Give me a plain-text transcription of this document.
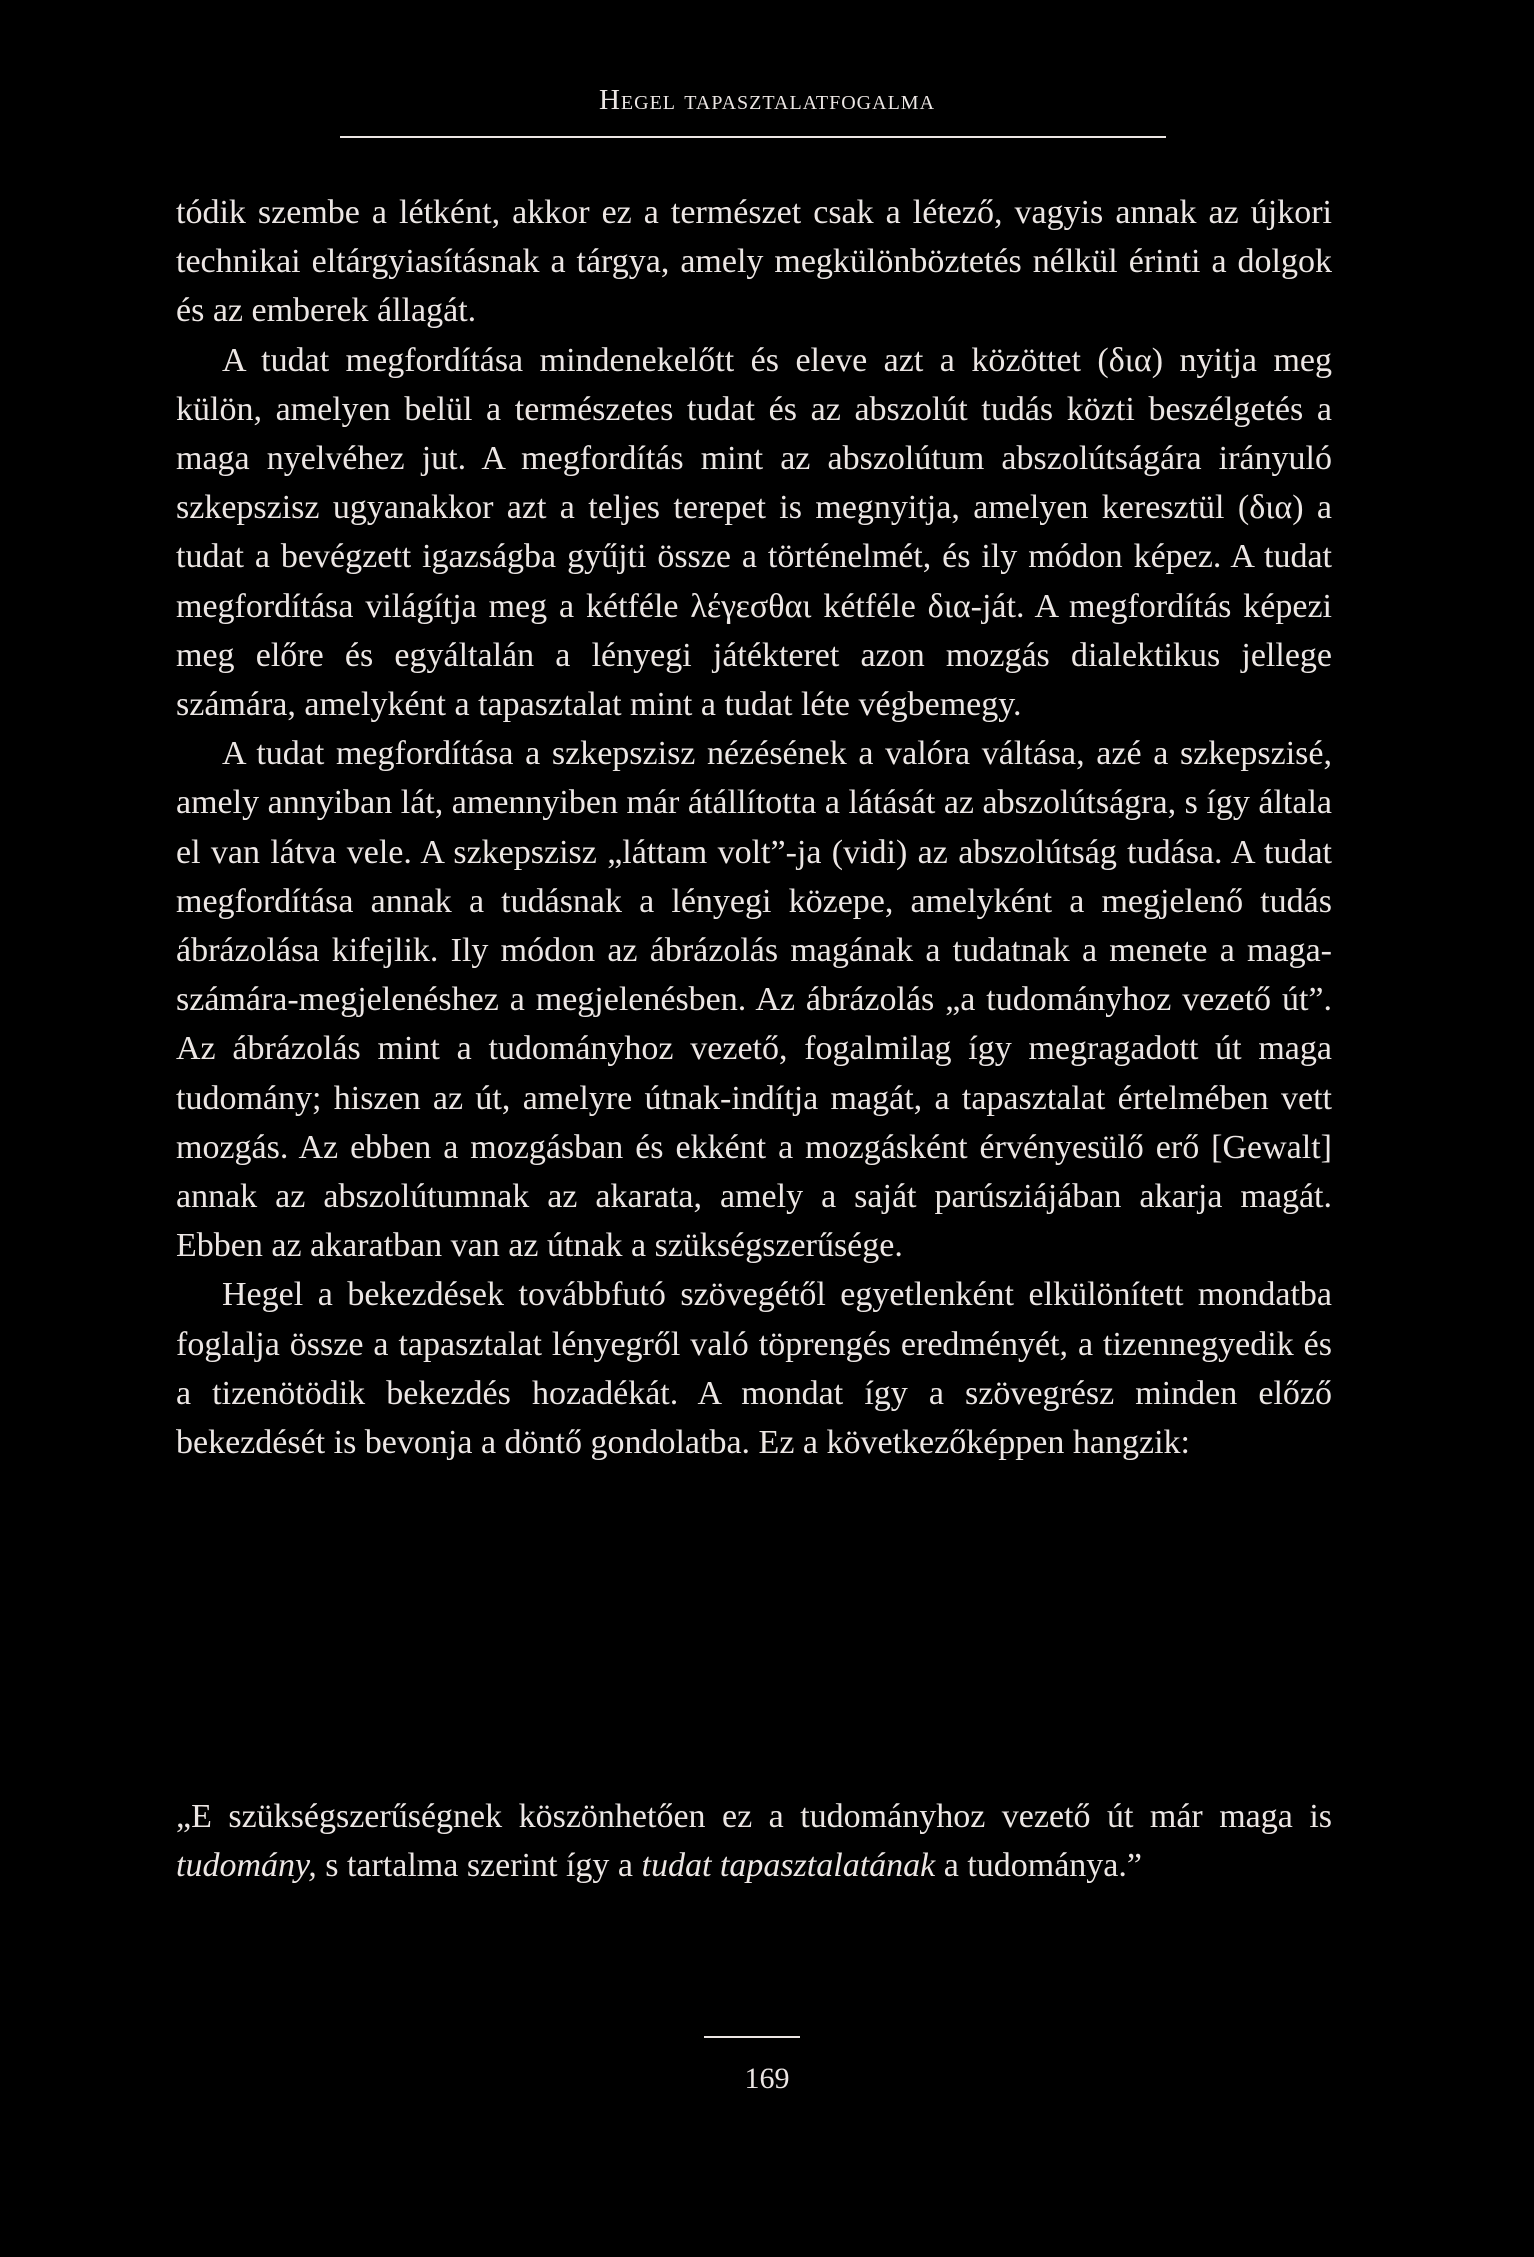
Hegel tapasztalatfogalma

tódik szembe a létként, akkor ez a természet csak a létező, vagyis annak az újkori technikai eltárgyiasításnak a tárgya, amely megkülönböztetés nélkül érinti a dolgok és az emberek állagát.

A tudat megfordítása mindenekelőtt és eleve azt a közöttet (δια) nyitja meg külön, amelyen belül a természetes tudat és az abszolút tudás közti beszélgetés a maga nyelvéhez jut. A megfordítás mint az abszolútum abszolútságára irányuló szkepszisz ugyanakkor azt a teljes terepet is megnyitja, amelyen keresztül (δια) a tudat a bevégzett igazságba gyűjti össze a történelmét, és ily módon képez. A tudat megfordítása világítja meg a kétféle λέγεσθαι kétféle δια-ját. A megfordítás képezi meg előre és egyáltalán a lényegi játékteret azon mozgás dialektikus jellege számára, amelyként a tapasztalat mint a tudat léte végbemegy.

A tudat megfordítása a szkepszisz nézésének a valóra váltása, azé a szkepszisé, amely annyiban lát, amennyiben már átállította a látását az abszolútságra, s így általa el van látva vele. A szkepszisz „láttam volt”-ja (vidi) az abszolútság tudása. A tudat megfordítása annak a tudásnak a lényegi közepe, amelyként a megjelenő tudás ábrázolása kifejlik. Ily módon az ábrázolás magának a tudatnak a menete a maga-számára-megjelenéshez a megjelenésben. Az ábrázolás „a tudományhoz vezető út”. Az ábrázolás mint a tudományhoz vezető, fogalmilag így megragadott út maga tudomány; hiszen az út, amelyre útnak-indítja magát, a tapasztalat értelmében vett mozgás. Az ebben a mozgásban és ekként a mozgásként érvényesülő erő [Gewalt] annak az abszolútumnak az akarata, amely a saját parúsziájában akarja magát. Ebben az akaratban van az útnak a szükségszerűsége.

Hegel a bekezdések továbbfutó szövegétől egyetlenként elkülönített mondatba foglalja össze a tapasztalat lényegről való töprengés eredményét, a tizennegyedik és a tizenötödik bekezdés hozadékát. A mondat így a szövegrész minden előző bekezdését is bevonja a döntő gondolatba. Ez a következőképpen hangzik:

„E szükségszerűségnek köszönhetően ez a tudományhoz vezető út már maga is tudomány, s tartalma szerint így a tudat tapasztalatának a tudománya.”

169
